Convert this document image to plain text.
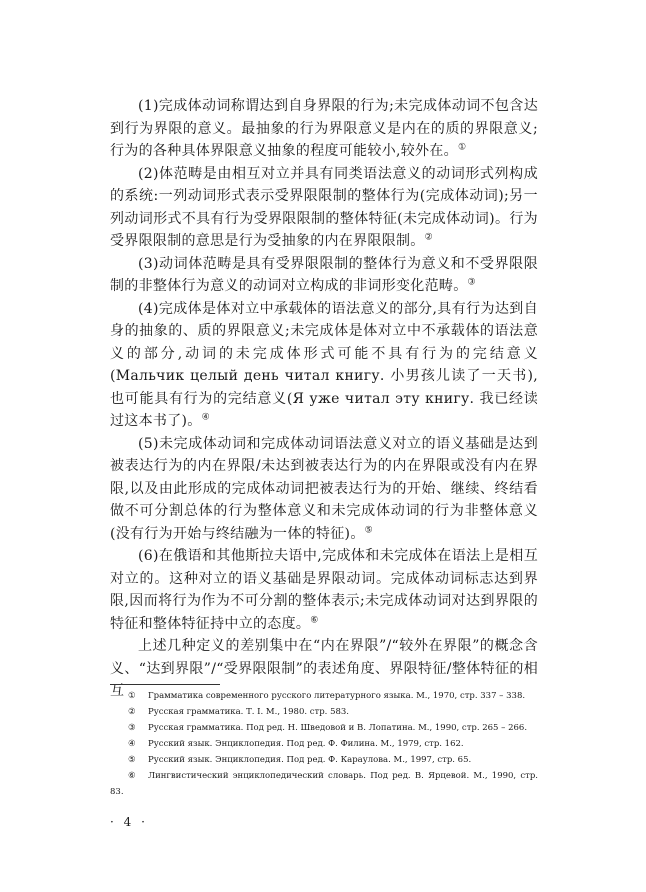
(1)完成体动词称谓达到自身界限的行为;未完成体动词不包含达到行为界限的意义。最抽象的行为界限意义是内在的质的界限意义;行为的各种具体界限意义抽象的程度可能较小,较外在。①

(2)体范畴是由相互对立并具有同类语法意义的动词形式列构成的系统:一列动词形式表示受界限限制的整体行为(完成体动词);另一列动词形式不具有行为受界限限制的整体特征(未完成体动词)。行为受界限限制的意思是行为受抽象的内在界限限制。②

(3)动词体范畴是具有受界限限制的整体行为意义和不受界限限制的非整体行为意义的动词对立构成的非词形变化范畴。③

(4)完成体是体对立中承载体的语法意义的部分,具有行为达到自身的抽象的、质的界限意义;未完成体是体对立中不承载体的语法意义的部分,动词的未完成体形式可能不具有行为的完结意义(Мальчик целый день читал книгу. 小男孩儿读了一天书),也可能具有行为的完结意义(Я уже читал эту книгу. 我已经读过这本书了)。④

(5)未完成体动词和完成体动词语法意义对立的语义基础是达到被表达行为的内在界限/未达到被表达行为的内在界限或没有内在界限,以及由此形成的完成体动词把被表达行为的开始、继续、终结看做不可分割总体的行为整体意义和未完成体动词的行为非整体意义(没有行为开始与终结融为一体的特征)。⑤

(6)在俄语和其他斯拉夫语中,完成体和未完成体在语法上是相互对立的。这种对立的语义基础是界限动词。完成体动词标志达到界限,因而将行为作为不可分割的整体表示;未完成体动词对达到界限的特征和整体特征持中立的态度。⑥

上述几种定义的差别集中在“内在界限”/“较外在界限”的概念含义、“达到界限”/“受界限限制”的表述角度、界限特征/整体特征的相互 ① Грамматика современного русского литературного языка. М., 1970, стр. 337 – 338.

② Русская грамматика. Т. I. М., 1980. стр. 583.

③ Русская грамматика. Под ред. Н. Шведовой и В. Лопатина. М., 1990, стр. 265 – 266.

④ Русский язык. Энциклопедия. Под ред. Ф. Филина. М., 1979, стр. 162.

⑤ Русский язык. Энциклопедия. Под ред. Ф. Караулова. М., 1997, стр. 65.

⑥ Лингвистический энциклопедический словарь. Под ред. В. Ярцевой. М., 1990, стр. 83.

· 4 ·
